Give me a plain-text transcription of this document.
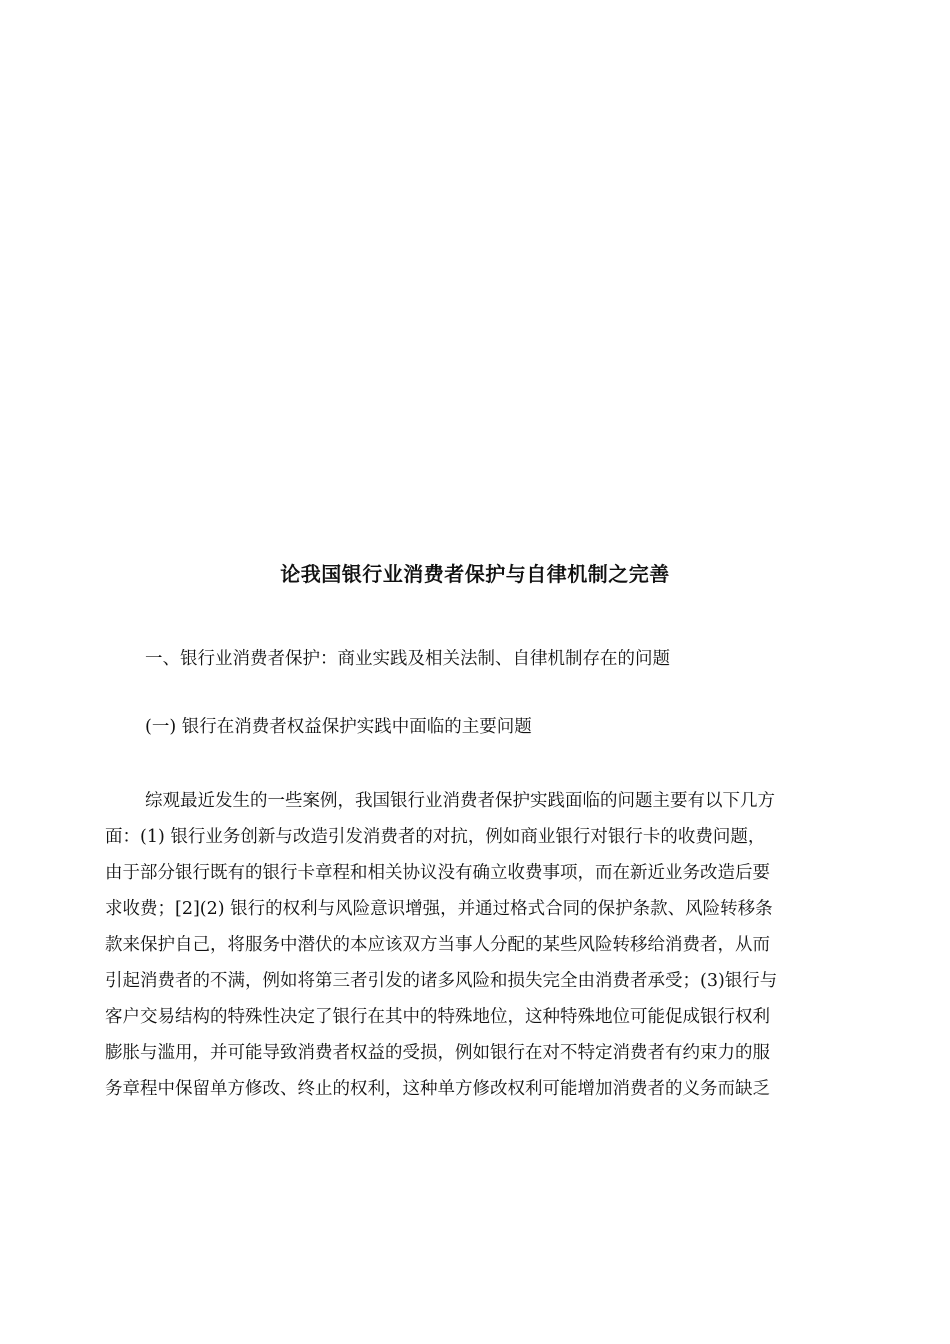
论我国银行业消费者保护与自律机制之完善
一、银行业消费者保护：商业实践及相关法制、自律机制存在的问题
(一) 银行在消费者权益保护实践中面临的主要问题
综观最近发生的一些案例，我国银行业消费者保护实践面临的问题主要有以下几方
面：(1) 银行业务创新与改造引发消费者的对抗，例如商业银行对银行卡的收费问题，
由于部分银行既有的银行卡章程和相关协议没有确立收费事项，而在新近业务改造后要
求收费；[2](2) 银行的权利与风险意识增强，并通过格式合同的保护条款、风险转移条
款来保护自己，将服务中潜伏的本应该双方当事人分配的某些风险转移给消费者，从而
引起消费者的不满，例如将第三者引发的诸多风险和损失完全由消费者承受；(3)银行与
客户交易结构的特殊性决定了银行在其中的特殊地位，这种特殊地位可能促成银行权利
膨胀与滥用，并可能导致消费者权益的受损，例如银行在对不特定消费者有约束力的服
务章程中保留单方修改、终止的权利，这种单方修改权利可能增加消费者的义务而缺乏
